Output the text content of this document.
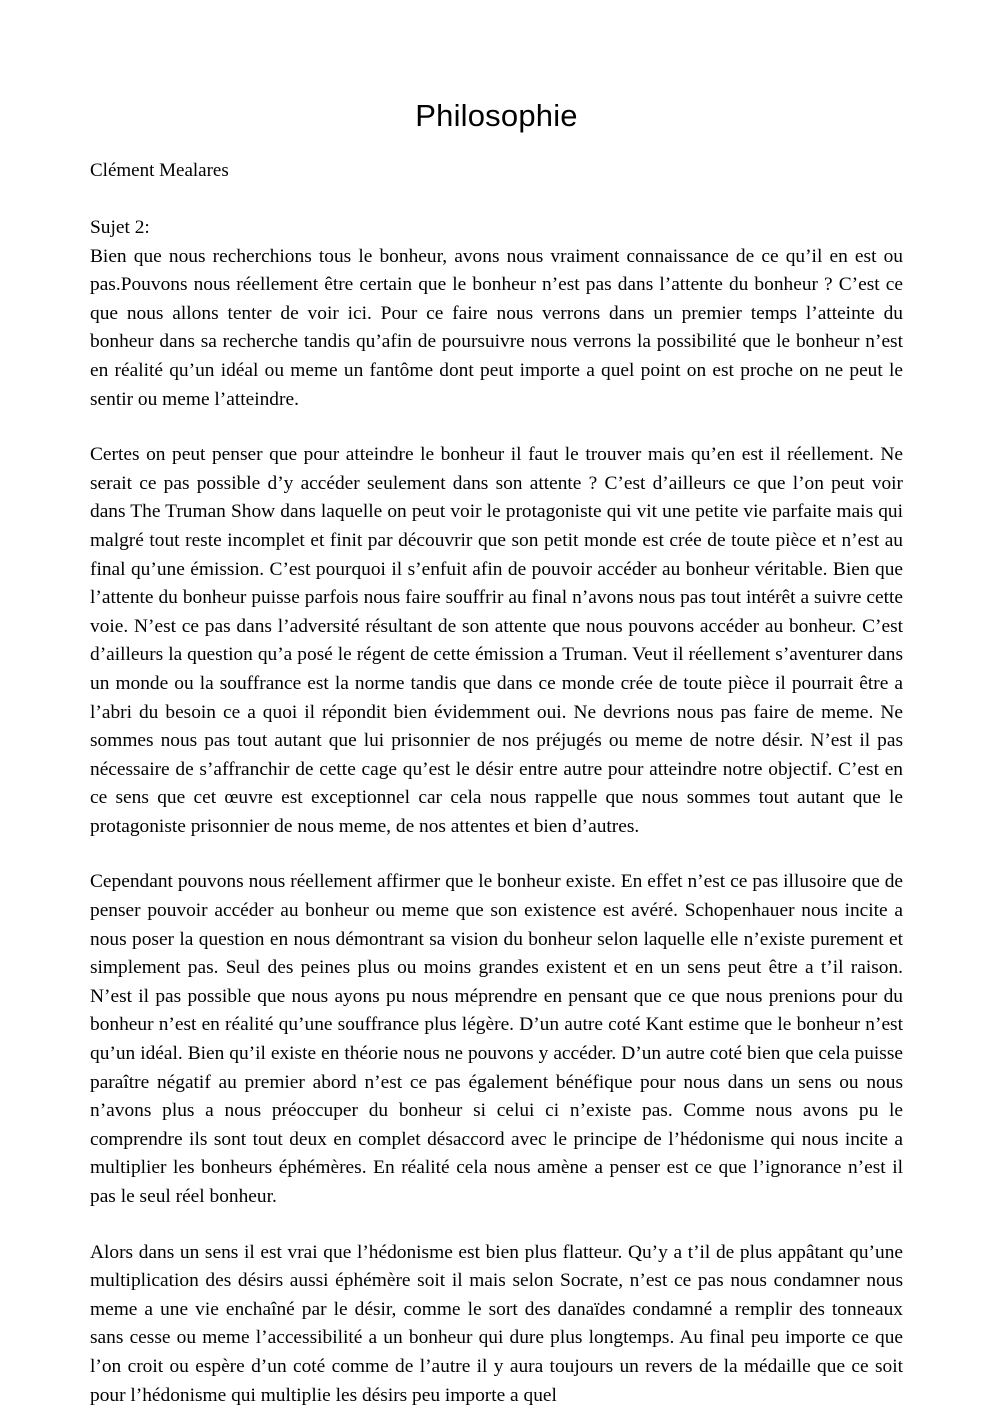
Philosophie

Clément Mealares

Sujet 2:

Bien que nous recherchions tous le bonheur, avons nous vraiment connaissance de ce qu’il en est ou pas.Pouvons nous réellement être certain que le bonheur n’est pas dans l’attente du bonheur ? C’est ce que nous allons tenter de voir ici. Pour ce faire nous verrons dans un premier temps l’atteinte du bonheur dans sa recherche tandis qu’afin de poursuivre nous verrons la possibilité que le bonheur n’est en réalité qu’un idéal ou meme un fantôme dont peut importe a quel point on est proche on ne peut le sentir ou meme l’atteindre.

Certes on peut penser que pour atteindre le bonheur il faut le trouver mais qu’en est il réellement. Ne serait ce pas possible d’y accéder seulement dans son attente ? C’est d’ailleurs ce que l’on peut voir dans The Truman Show dans laquelle on peut voir le protagoniste qui vit une petite vie parfaite mais qui malgré tout reste incomplet et finit par découvrir que son petit monde est crée de toute pièce et n’est au final qu’une émission. C’est pourquoi il s’enfuit afin de pouvoir accéder au bonheur véritable. Bien que l’attente du bonheur puisse parfois nous faire souffrir au final n’avons nous pas tout intérêt a suivre cette voie. N’est ce pas dans l’adversité résultant de son attente que nous pouvons accéder au bonheur. C’est d’ailleurs la question qu’a posé le régent de cette émission a Truman. Veut il réellement s’aventurer dans un monde ou la souffrance est la norme tandis que dans ce monde crée de toute pièce il pourrait être a l’abri du besoin ce a quoi il répondit bien évidemment oui. Ne devrions nous pas faire de meme. Ne sommes nous pas tout autant que lui prisonnier de nos préjugés ou meme de notre désir. N’est il pas nécessaire de s’affranchir de cette cage qu’est le désir entre autre pour atteindre notre objectif. C’est en ce sens que cet œuvre est exceptionnel car cela nous rappelle que nous sommes tout autant que le protagoniste prisonnier de nous meme, de nos attentes et bien d’autres.

Cependant pouvons nous réellement affirmer que le bonheur existe. En effet n’est ce pas illusoire que de penser pouvoir accéder au bonheur ou meme que son existence est avéré. Schopenhauer nous incite a nous poser la question en nous démontrant sa vision du bonheur selon laquelle elle n’existe purement et simplement pas. Seul des peines plus ou moins grandes existent et en un sens peut être a t’il raison. N’est il pas possible que nous ayons pu nous méprendre en pensant que ce que nous prenions pour du bonheur n’est en réalité qu’une souffrance plus légère. D’un autre coté Kant estime que le bonheur n’est qu’un idéal. Bien qu’il existe en théorie nous ne pouvons y accéder. D’un autre coté bien que cela puisse paraître négatif au premier abord n’est ce pas également bénéfique pour nous dans un sens ou nous n’avons plus a nous préoccuper du bonheur si celui ci n’existe pas. Comme nous avons pu le comprendre ils sont tout deux en complet désaccord avec le principe de l’hédonisme qui nous incite a multiplier les bonheurs éphémères. En réalité cela nous amène a penser est ce que l’ignorance n’est il pas le seul réel bonheur.

Alors dans un sens il est vrai que l’hédonisme est bien plus flatteur. Qu’y a t’il de plus appâtant qu’une multiplication des désirs aussi éphémère soit il mais selon Socrate, n’est ce pas nous condamner nous meme a une vie enchaîné par le désir, comme le sort des danaïdes condamné a remplir des tonneaux sans cesse ou meme l’accessibilité a un bonheur qui dure plus longtemps. Au final peu importe ce que l’on croit ou espère d’un coté comme de l’autre il y aura toujours un revers de la médaille que ce soit pour l’hédonisme qui multiplie les désirs peu importe a quel
